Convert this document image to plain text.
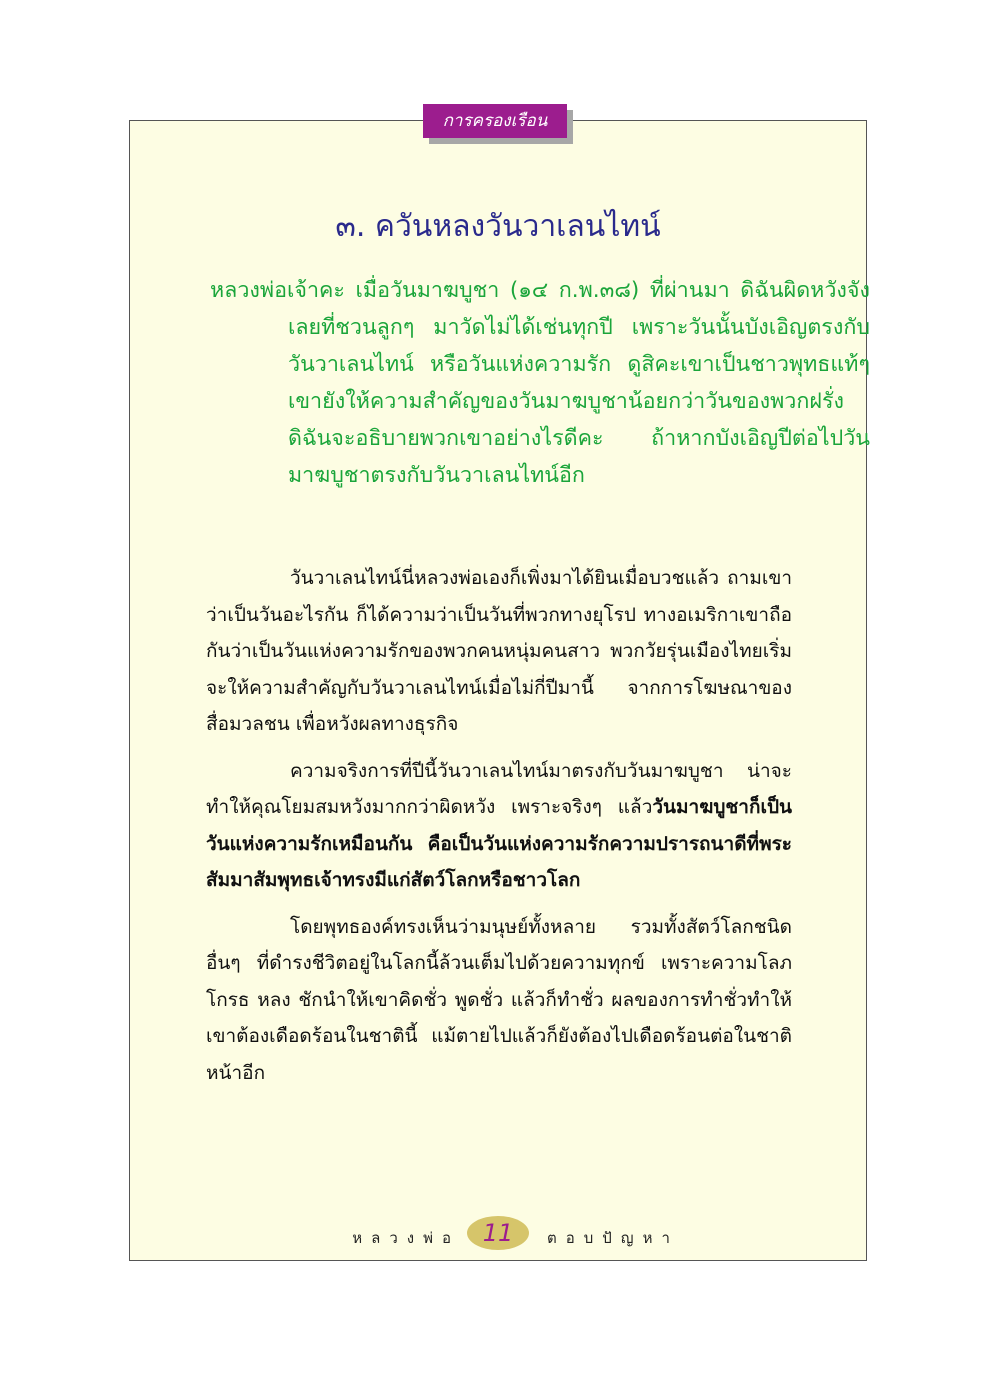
การครองเรือน
๓. ควันหลงวันวาเลนไทน์

หลวงพ่อเจ้าคะ เมื่อวันมาฆบูชา (๑๔ ก.พ.๓๘) ที่ผ่านมา ดิฉันผิดหวังจังเลยที่ชวนลูกๆ มาวัดไม่ได้เช่นทุกปี เพราะวันนั้นบังเอิญตรงกับวันวาเลนไทน์ หรือวันแห่งความรัก ดูสิคะเขาเป็นชาวพุทธแท้ๆ เขายังให้ความสำคัญของวันมาฆบูชาน้อยกว่าวันของพวกฝรั่ง ดิฉันจะอธิบายพวกเขาอย่างไรดีคะ ถ้าหากบังเอิญปีต่อไปวันมาฆบูชาตรงกับวันวาเลนไทน์อีก

วันวาเลนไทน์นี่หลวงพ่อเองก็เพิ่งมาได้ยินเมื่อบวชแล้ว ถามเขาว่าเป็นวันอะไรกัน ก็ได้ความว่าเป็นวันที่พวกทางยุโรป ทางอเมริกาเขาถือกันว่าเป็นวันแห่งความรักของพวกคนหนุ่มคนสาว พวกวัยรุ่นเมืองไทยเริ่มจะให้ความสำคัญกับวันวาเลนไทน์เมื่อไม่กี่ปีมานี้ จากการโฆษณาของสื่อมวลชน เพื่อหวังผลทางธุรกิจ

ความจริงการที่ปีนี้วันวาเลนไทน์มาตรงกับวันมาฆบูชา น่าจะทำให้คุณโยมสมหวังมากกว่าผิดหวัง เพราะจริงๆ แล้ววันมาฆบูชาก็เป็นวันแห่งความรักเหมือนกัน คือเป็นวันแห่งความรักความปรารถนาดีที่พระสัมมาสัมพุทธเจ้าทรงมีแก่สัตว์โลกหรือชาวโลก

โดยพุทธองค์ทรงเห็นว่ามนุษย์ทั้งหลาย รวมทั้งสัตว์โลกชนิดอื่นๆ ที่ดำรงชีวิตอยู่ในโลกนี้ล้วนเต็มไปด้วยความทุกข์ เพราะความโลภ โกรธ หลง ชักนำให้เขาคิดชั่ว พูดชั่ว แล้วก็ทำชั่ว ผลของการทำชั่วทำให้เขาต้องเดือดร้อนในชาตินี้ แม้ตายไปแล้วก็ยังต้องไปเดือดร้อนต่อในชาติหน้าอีก

หลวงพ่อ 11	ตอบปัญหา
